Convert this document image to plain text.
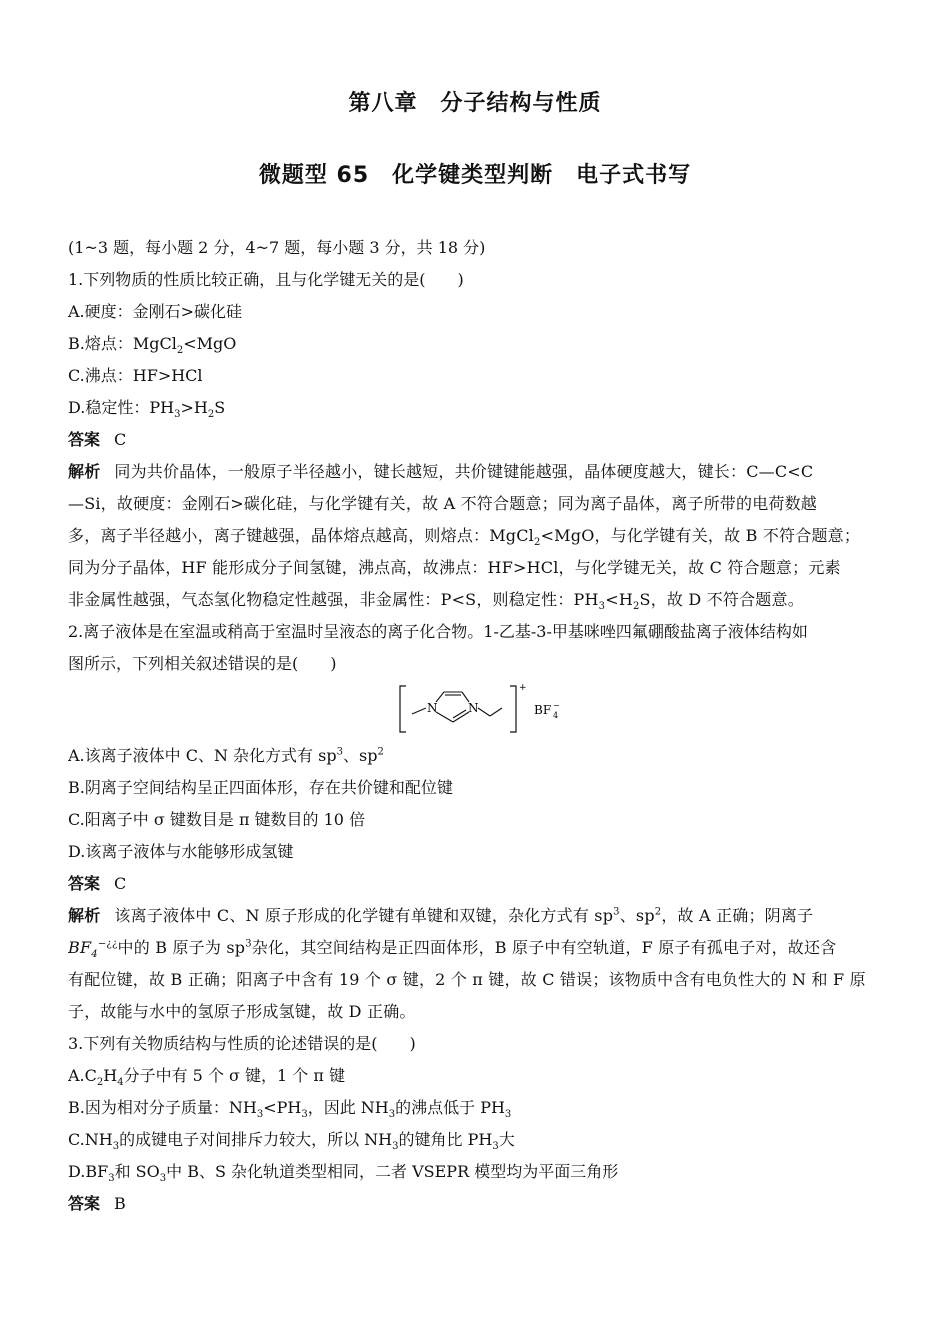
第八章　分子结构与性质
微题型 65　化学键类型判断　电子式书写
(1~3 题，每小题 2 分，4~7 题，每小题 3 分，共 18 分)
1.下列物质的性质比较正确，且与化学键无关的是(　　)
A.硬度：金刚石>碳化硅
B.熔点：MgCl$_2$<MgO
C.沸点：HF>HCl
D.稳定性：$PH_3>H_2S$
答案 C
解析 同为共价晶体，一般原子半径越小，键长越短，共价键键能越强，晶体硬度越大，键长：C—C<C
—Si，故硬度：金刚石>碳化硅，与化学键有关，故 A 不符合题意；同为离子晶体，离子所带的电荷数越
多，离子半径越小，离子键越强，晶体熔点越高，则熔点：MgCl$_2$<MgO，与化学键有关，故 B 不符合题意；
同为分子晶体，HF 能形成分子间氢键，沸点高，故沸点：HF>HCl，与化学键无关，故 C 符合题意；元素
非金属性越强，气态氢化物稳定性越强，非金属性：P<S，则稳定性：$PH_3<H_2S$，故 D 不符合题意。
2.离子液体是在室温或稍高于室温时呈液态的离子化合物。1-乙基-3-甲基咪唑四氟硼酸盐离子液体结构如
图所示，下列相关叙述错误的是(　　)
N	N
+
BF 4
−
A.该离子液体中 C、N 杂化方式有 $sp^3$、$sp^2$
B.阴离子空间结构呈正四面体形，存在共价键和配位键
C.阳离子中 σ 键数目是 π 键数目的 10 倍
D.该离子液体与水能够形成氢键
答案 C
解析 该离子液体中 C、N 原子形成的化学键有单键和双键，杂化方式有 $sp^3$、$sp^2$，故 A 正确；阴离子
$BF_4^{-¿¿}$中的 B 原子为 $sp^3$杂化，其空间结构是正四面体形，B 原子中有空轨道，F 原子有孤电子对，故还含
有配位键，故 B 正确；阳离子中含有 19 个 σ 键，2 个 π 键，故 C 错误；该物质中含有电负性大的 N 和 F 原
子，故能与水中的氢原子形成氢键，故 D 正确。
3.下列有关物质结构与性质的论述错误的是(　　)
$A.C_2H_4$分子中有 5 个 σ 键，1 个 π 键
B.因为相对分子质量：$NH_3<PH_3$，因此 $NH_3$的沸点低于 $PH_3$
$C.NH_3$的成键电子对间排斥力较大，所以 $NH_3$的键角比 $PH_3$大
$D.BF_3$和 $SO_3$中 B、S 杂化轨道类型相同，二者 VSEPR 模型均为平面三角形
答案 B
